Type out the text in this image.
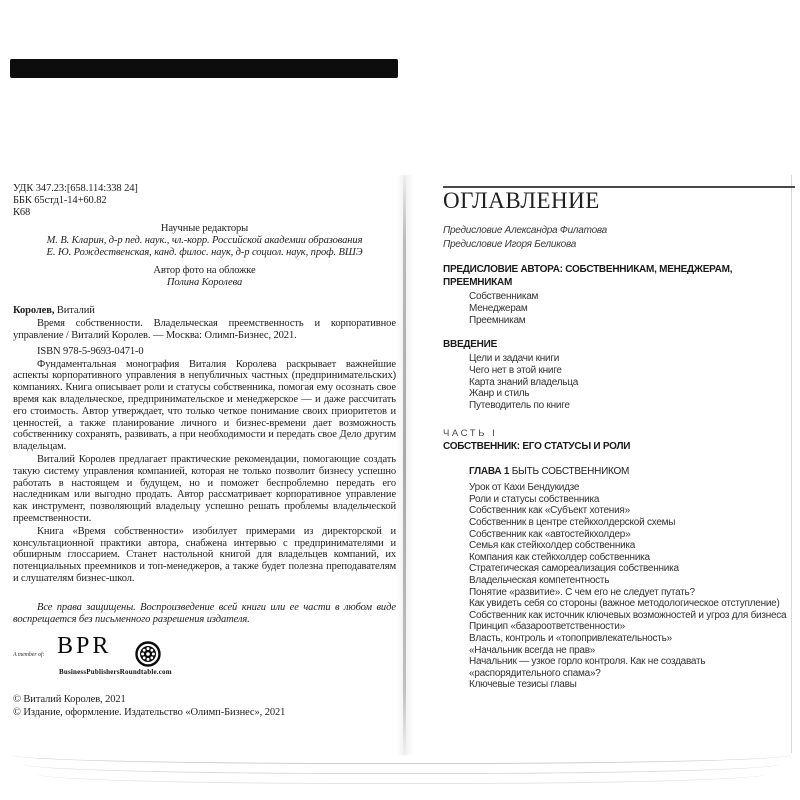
УДК 347.23:[658.114:338 24]
ББК 65стд1-14+60.82
К68
Научные редакторы
М. В. Кларин, д-р пед. наук., чл.-корр. Российской академии образования
Е. Ю. Рождественская, канд. филос. наук, д-р социол. наук, проф. ВШЭ
Автор фото на обложке
Полина Королева
Королев, Виталий

Время собственности. Владельческая преемственность и корпоративное управление / Виталий Королев. — Москва: Олимп-Бизнес, 2021.

ISBN 978-5-9693-0471-0

Фундаментальная монография Виталия Королева раскрывает важнейшие аспекты корпоративного управления в непубличных частных (предпринимательских) компаниях. Книга описывает роли и статусы собственника, помогая ему осознать свое время как владельческое, предпринимательское и менеджерское — и даже рассчитать его стоимость. Автор утверждает, что только четкое понимание своих приоритетов и ценностей, а также планирование личного и бизнес-времени дает возможность собственнику сохранять, развивать, а при необходимости и передать свое Дело другим владельцам.

Виталий Королев предлагает практические рекомендации, помогающие создать такую систему управления компанией, которая не только позволит бизнесу успешно работать в настоящем и будущем, но и поможет беспроблемно передать его наследникам или выгодно продать. Автор рассматривает корпоративное управление как инструмент, позволяющий владельцу успешно решать проблемы владельческой преемственности.

Книга «Время собственности» изобилует примерами из директорской и консультационной практики автора, снабжена интервью с предпринимателями и обширным глоссарием. Станет настольной книгой для владельцев компаний, их потенциальных преемников и топ-менеджеров, а также будет полезна преподавателям и слушателям бизнес-школ.

Все права защищены. Воспроизведение всей книги или ее части в любом виде воспрещается без письменного разрешения издателя.

A member of: BPR
BusinessPublishersRoundtable.com
© Виталий Королев, 2021
© Издание, оформление. Издательство «Олимп-Бизнес», 2021
ОГЛАВЛЕНИЕ
Предисловие Александра Филатова
Предисловие Игоря Беликова
ПРЕДИСЛОВИЕ АВТОРА: СОБСТВЕННИКАМ, МЕНЕДЖЕРАМ, ПРЕЕМНИКАМ
Собственникам
Менеджерам
Преемникам
ВВЕДЕНИЕ
Цели и задачи книги
Чего нет в этой книге
Карта знаний владельца
Жанр и стиль
Путеводитель по книге
ЧАСТЬ I
СОБСТВЕННИК: ЕГО СТАТУСЫ И РОЛИ
ГЛАВА 1 БЫТЬ СОБСТВЕННИКОМ
Урок от Кахи Бендукидзе
Роли и статусы собственника
Собственник как «Субъект хотения»
Собственник в центре стейкхолдерской схемы
Собственник как «автостейкхолдер»
Семья как стейкхолдер собственника
Компания как стейкхолдер собственника
Стратегическая самореализация собственника
Владельческая компетентность
Понятие «развитие». С чем его не следует путать?
Как увидеть себя со стороны (важное методологическое отступление)
Собственник как источник ключевых возможностей и угроз для бизнеса
Принцип «базароответственности»
Власть, контроль и «топопривлекательность»
«Начальник всегда не прав»
Начальник — узкое горло контроля. Как не создавать «распорядительного спама»?
Ключевые тезисы главы
